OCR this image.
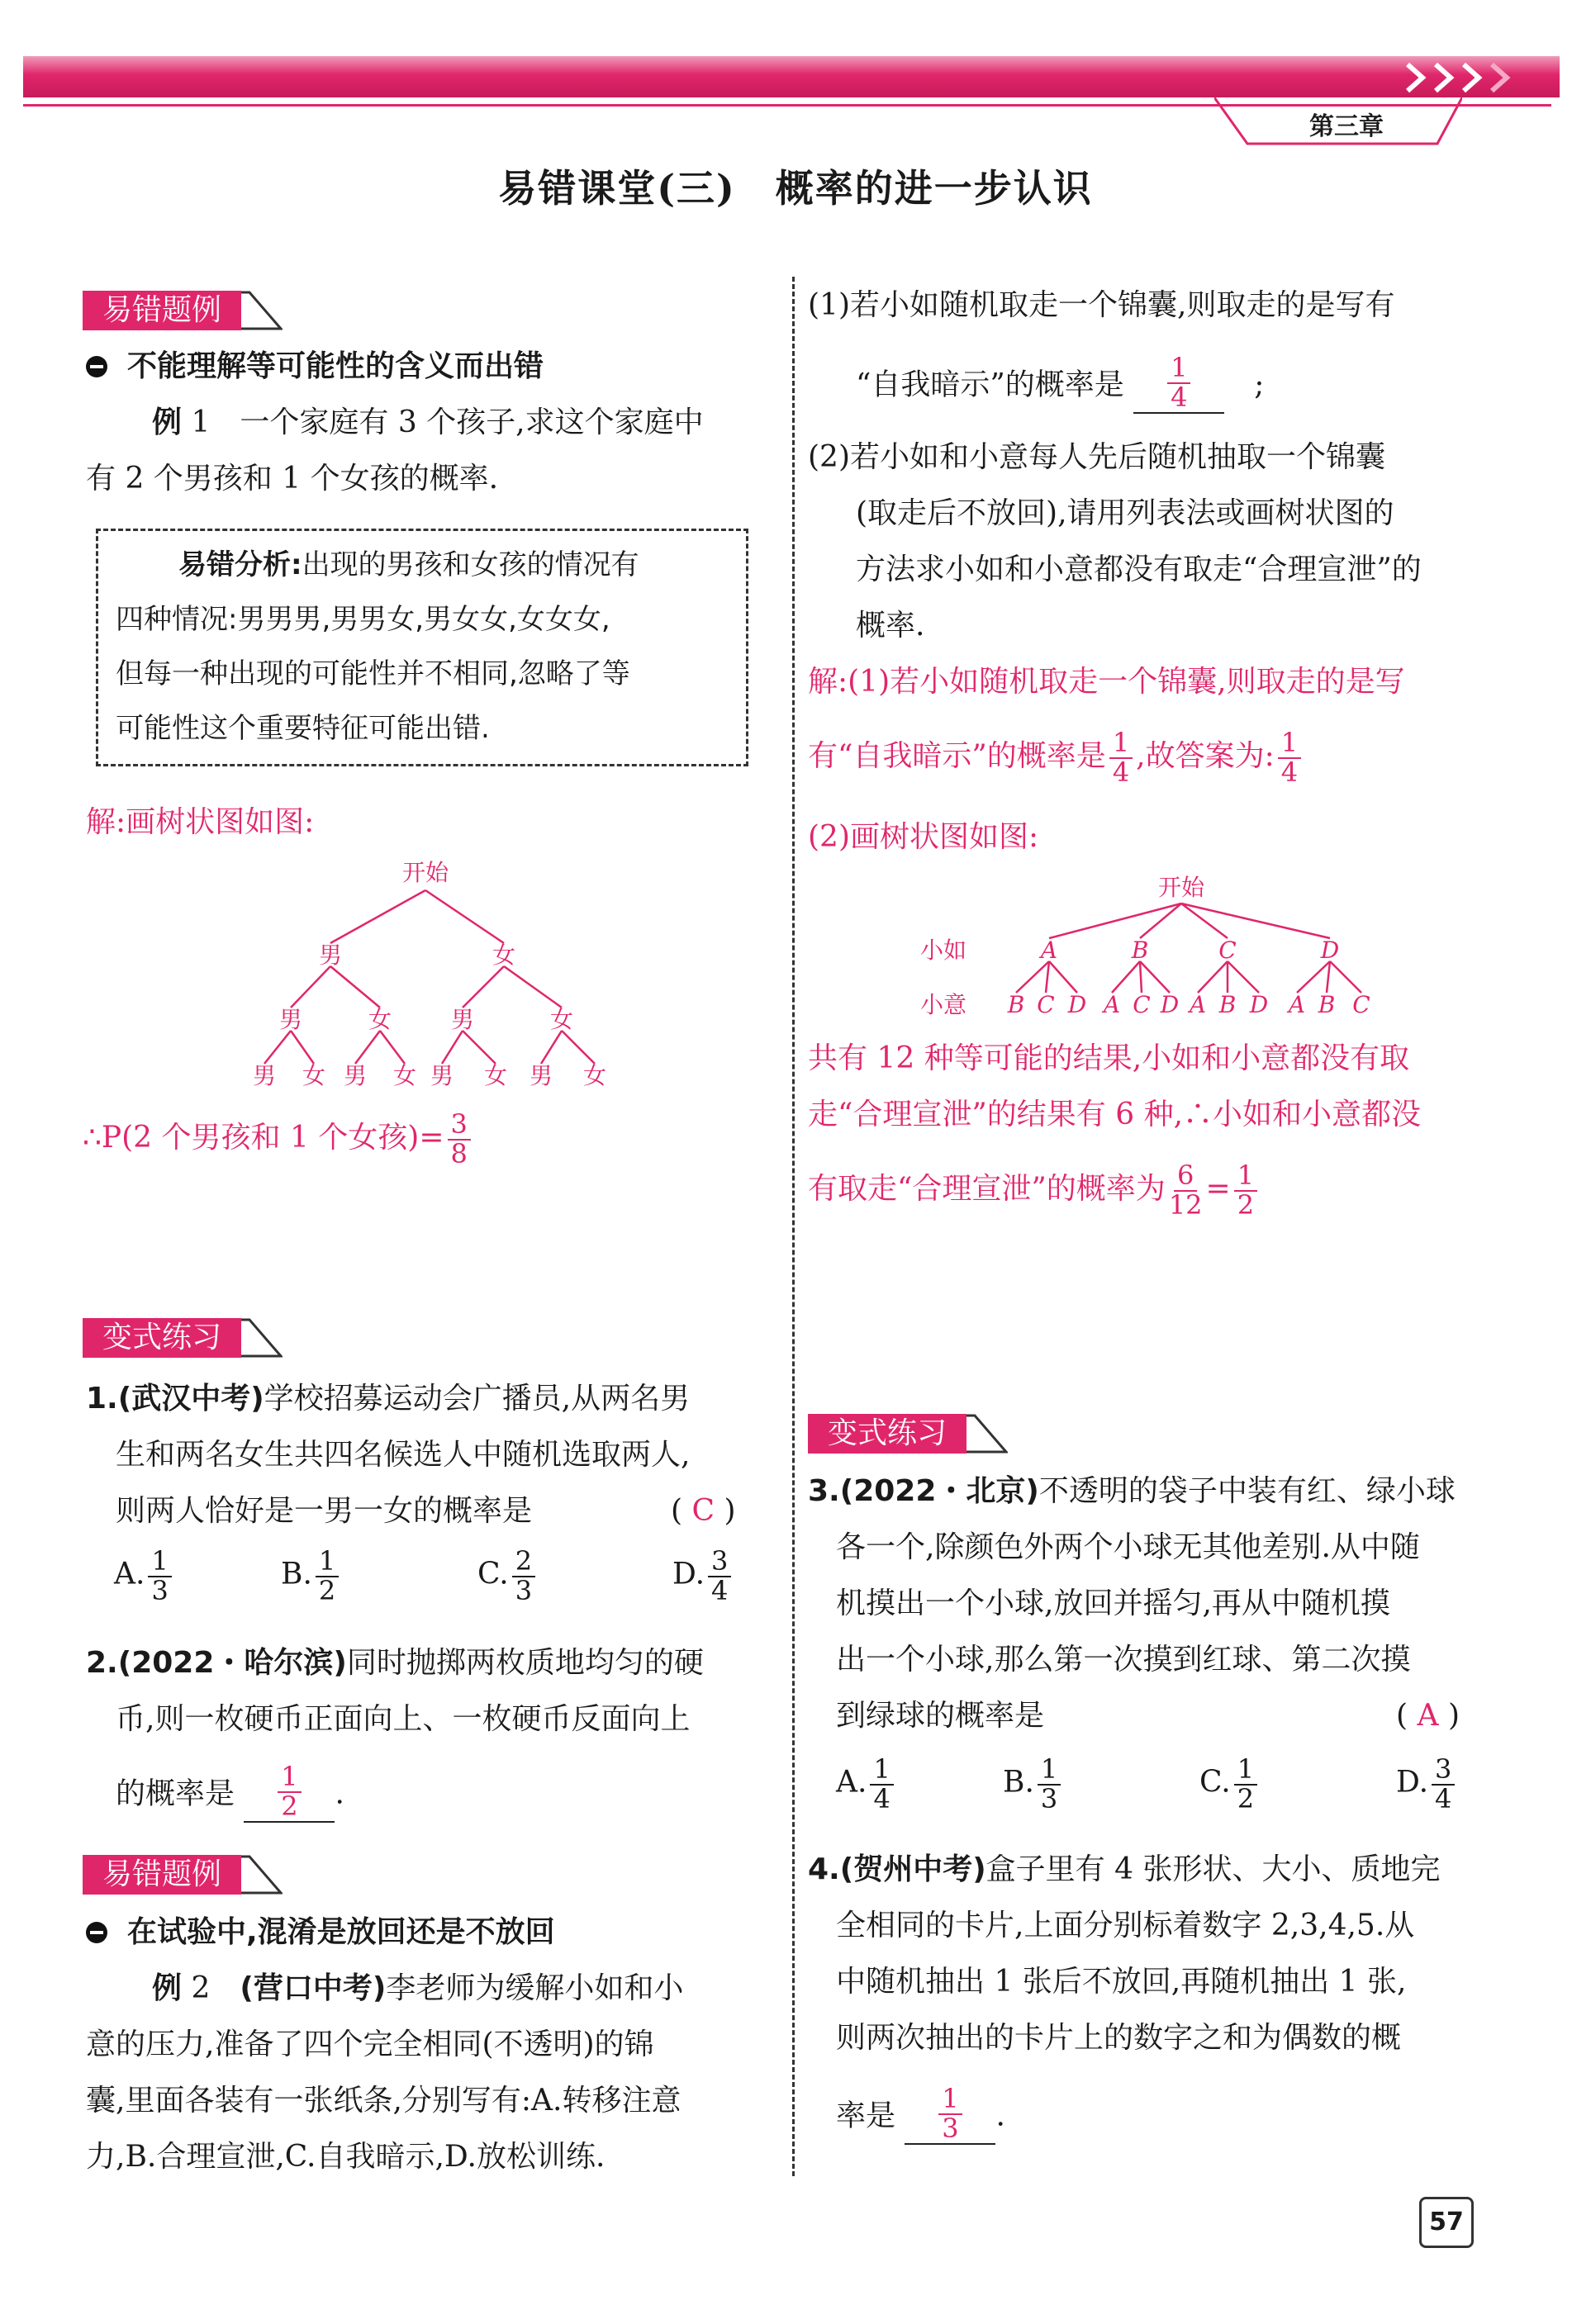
第三章
易错课堂(三)　概率的进一步认识
易错题例
不能理解等可能性的含义而出错
例 1　 一个家庭有 3 个孩子,求这个家庭中
有 2 个男孩和 1 个女孩的概率.
易错分析:出现的男孩和女孩的情况有
四种情况:男男男,男男女,男女女,女女女,
但每一种出现的可能性并不相同,忽略了等
可能性这个重要特征可能出错.
解:画树状图如图:
开始
男	女
男	女	男	女
男 女 男 女 男 女 男 女
∴P(2 个男孩和 1 个女孩)= $\frac{3}{8}$
变式练习
1.(武汉中考)学校招募运动会广播员,从两名男
生和两名女生共四名候选人中随机选取两人,
则两人恰好是一男一女的概率是	( C )
A. $\frac{1}{3}$	B. $\frac{1}{2}$	C. $\frac{2}{3}$	D. $\frac{3}{4}$
2.(2022・哈尔滨)同时抛掷两枚质地均匀的硬
币,则一枚硬币正面向上、一枚硬币反面向上
的概率是 $\frac{1}{2}$ .
易错题例
在试验中,混淆是放回还是不放回
例 2　 (营口中考)李老师为缓解小如和小
意的压力,准备了四个完全相同(不透明)的锦
囊,里面各装有一张纸条,分别写有:A.转移注意
力,B.合理宣泄,C.自我暗示,D.放松训练.
(1)若小如随机取走一个锦囊,则取走的是写有
“自我暗示”的概率是 $\frac{1}{4}$
　 ;
(2)若小如和小意每人先后随机抽取一个锦囊
(取走后不放回),请用列表法或画树状图的
方法求小如和小意都没有取走“合理宣泄”的
概率.
解:(1)若小如随机取走一个锦囊,则取走的是写
有“自我暗示”的概率是 $\frac{1}{4}$ ,故答案为: $\frac{1}{4}$
(2)画树状图如图:
开始
小如
小意
A	B	C	D
B C D A C D A B D A B C
共有 12 种等可能的结果,小如和小意都没有取
走“合理宣泄”的结果有 6 种,∴小如和小意都没
有取走“合理宣泄”的概率为 $\frac{6}{12} = \frac{1}{2}$
变式练习
3.(2022・北京)不透明的袋子中装有红、绿小球
各一个,除颜色外两个小球无其他差别.从中随
机摸出一个小球,放回并摇匀,再从中随机摸
出一个小球,那么第一次摸到红球、第二次摸
到绿球的概率是	( A )
A. $\frac{1}{4}$	B. $\frac{1}{3}$	C. $\frac{1}{2}$	D. $\frac{3}{4}$
4.(贺州中考)盒子里有 4 张形状、大小、质地完
全相同的卡片,上面分别标着数字 2,3,4,5.从
中随机抽出 1 张后不放回,再随机抽出 1 张,
则两次抽出的卡片上的数字之和为偶数的概
率是 $\frac{1}{3}$ .
57
